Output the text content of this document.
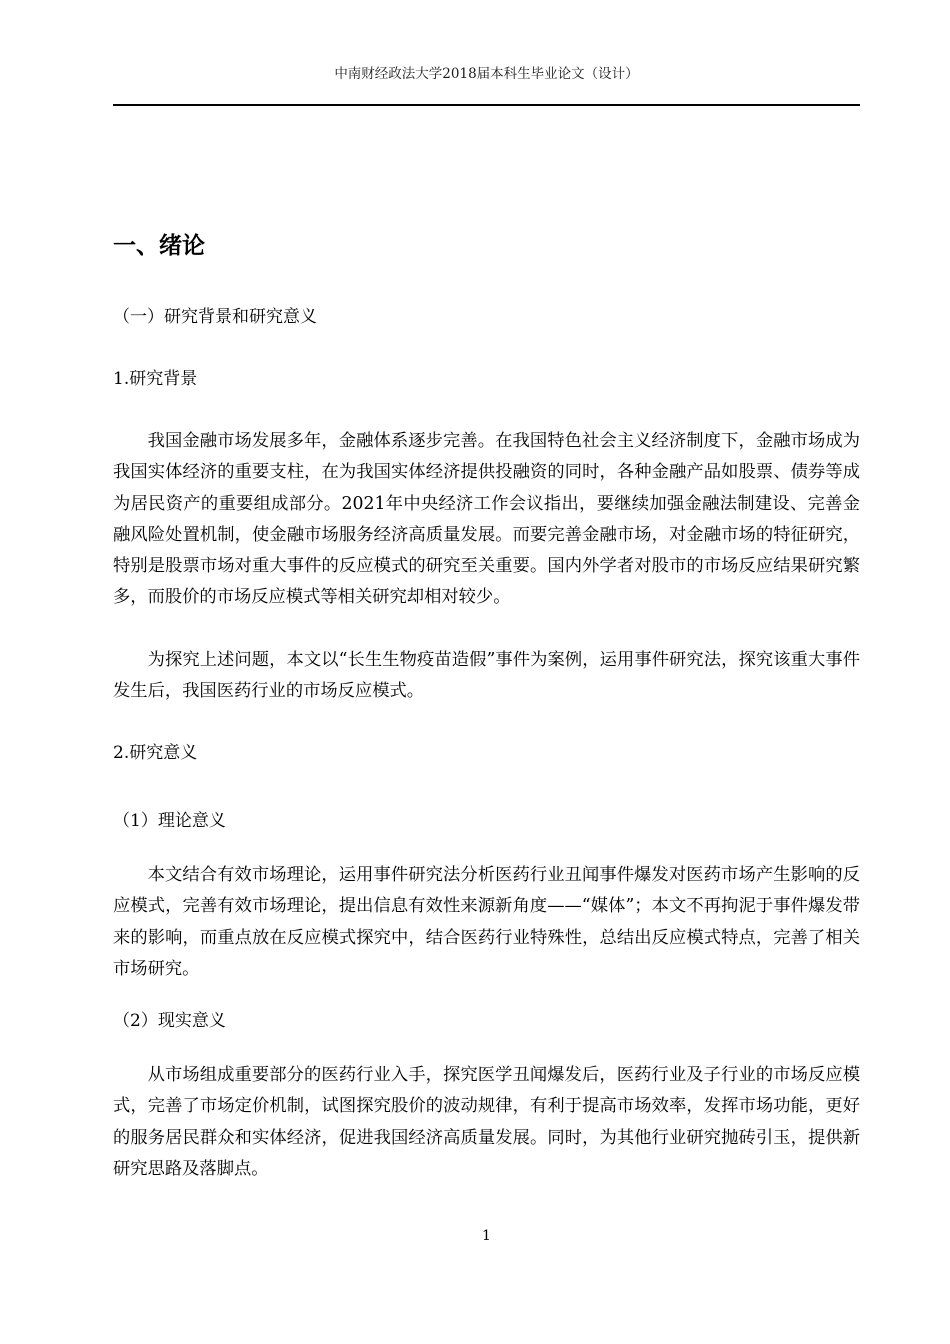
中南财经政法大学2018届本科生毕业论文（设计）
一、绪论
（一）研究背景和研究意义
1.研究背景

我国金融市场发展多年，金融体系逐步完善。在我国特色社会主义经济制度下，金融市场成为我国实体经济的重要支柱，在为我国实体经济提供投融资的同时，各种金融产品如股票、债券等成为居民资产的重要组成部分。2021年中央经济工作会议指出，要继续加强金融法制建设、完善金融风险处置机制，使金融市场服务经济高质量发展。而要完善金融市场，对金融市场的特征研究，特别是股票市场对重大事件的反应模式的研究至关重要。国内外学者对股市的市场反应结果研究繁多，而股价的市场反应模式等相关研究却相对较少。

为探究上述问题，本文以“长生生物疫苗造假”事件为案例，运用事件研究法，探究该重大事件发生后，我国医药行业的市场反应模式。

2.研究意义
（1）理论意义

本文结合有效市场理论，运用事件研究法分析医药行业丑闻事件爆发对医药市场产生影响的反应模式，完善有效市场理论，提出信息有效性来源新角度——“媒体”；本文不再拘泥于事件爆发带来的影响，而重点放在反应模式探究中，结合医药行业特殊性，总结出反应模式特点，完善了相关市场研究。

（2）现实意义

从市场组成重要部分的医药行业入手，探究医学丑闻爆发后，医药行业及子行业的市场反应模式，完善了市场定价机制，试图探究股价的波动规律，有利于提高市场效率，发挥市场功能，更好的服务居民群众和实体经济，促进我国经济高质量发展。同时，为其他行业研究抛砖引玉，提供新研究思路及落脚点。

1
